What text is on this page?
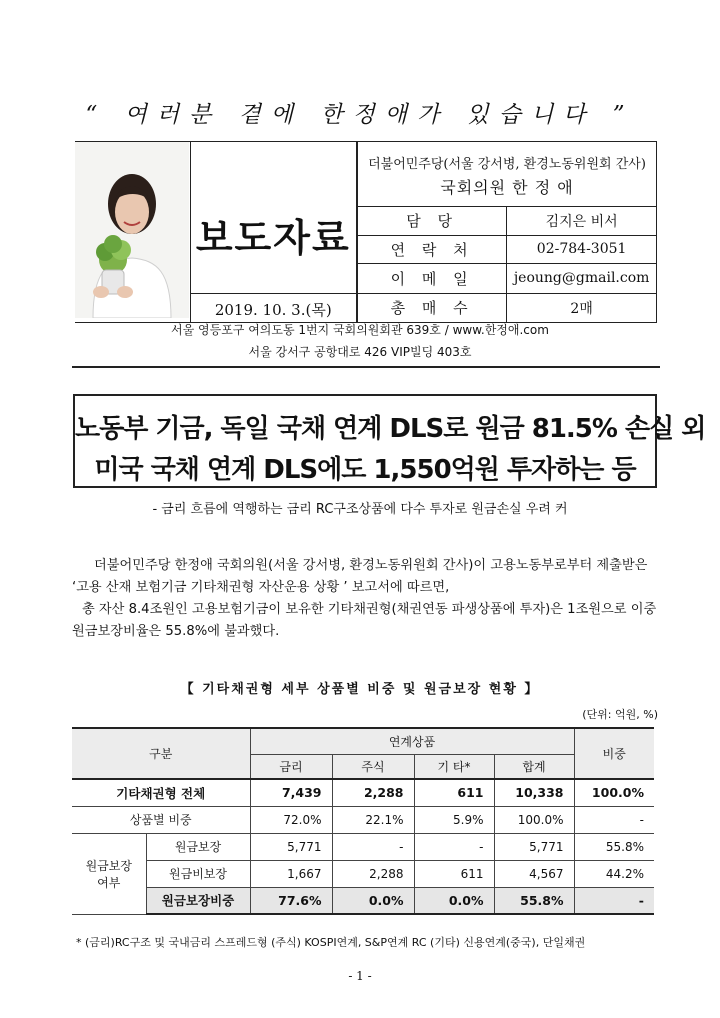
“ 여러분 곁에 한정애가 있습니다 ”

보도자료	더불어민주당(서울 강서병, 환경노동위원회 간사)
국회의원 한 정 애	

		담 당	김지은 비서
		연 락 처	02-784-3051
		이 메 일	jeoung@gmail.com

	2019. 10. 3.(목)	총 매 수	2매
서울 영등포구 여의도동 1번지 국회의원회관 639호 / www.한정애.com
서울 강서구 공항대로 426 VIP빌딩 403호
노동부 기금, 독일 국채 연계 DLS로 원금 81.5% 손실 외
미국 국채 연계 DLS에도 1,550억원 투자하는 등
- 금리 흐름에 역행하는 금리 RC구조상품에 다수 투자로 원금손실 우려 커
더불어민주당 한정애 국회의원(서울 강서병, 환경노동위원회 간사)이 고용노동부로부터 제출받은 ‘고용 산재 보험기금 기타채권형 자산운용 상황 ’ 보고서에 따르면,
총 자산 8.4조원인 고용보험기금이 보유한 기타채권형(채권연동 파생상품에 투자)은 1조원으로 이중 원금보장비율은 55.8%에 불과했다.
【 기타채권형 세부 상품별 비중 및 원금보장 현황 】
(단위: 억원, %)
구분		연계상품				비중
		금리	주식	기 타*	합계	
기타채권형 전체		7,439	2,288	611	10,338	100.0%
상품별 비중		72.0%	22.1%	5.9%	100.0%	-
원금보장 여부	원금보장	5,771	-	-	5,771	55.8%
	원금비보장	1,667	2,288	611	4,567	44.2%
	원금보장비중	77.6%	0.0%	0.0%	55.8%	-
* (금리)RC구조 및 국내금리 스프레드형 (주식) KOSPI연계, S&P연계 RC (기타) 신용연계(중국), 단일채권
- 1 -
